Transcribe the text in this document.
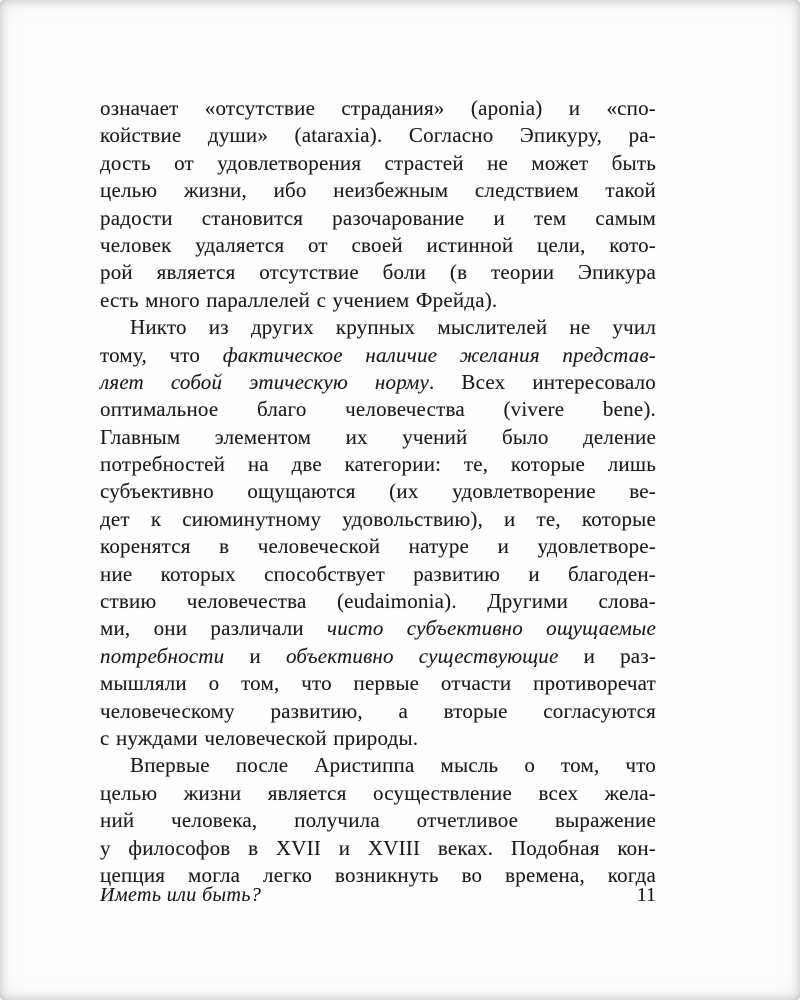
означает «отсутствие страдания» (aponia) и «спо-
койствие души» (ataraxia). Согласно Эпикуру, ра-
дость от удовлетворения страстей не может быть
целью жизни, ибо неизбежным следствием такой
радости становится разочарование и тем самым
человек удаляется от своей истинной цели, кото-
рой является отсутствие боли (в теории Эпикура
есть много параллелей с учением Фрейда).
Никто из других крупных мыслителей не учил
тому, что фактическое наличие желания представ-
ляет собой этическую норму. Всех интересовало
оптимальное благо человечества (vivere bene).
Главным элементом их учений было деление
потребностей на две категории: те, которые лишь
субъективно ощущаются (их удовлетворение ве-
дет к сиюминутному удовольствию), и те, которые
коренятся в человеческой натуре и удовлетворе-
ние которых способствует развитию и благоден-
ствию человечества (eudaimonia). Другими слова-
ми, они различали чисто субъективно ощущаемые
потребности и объективно существующие и раз-
мышляли о том, что первые отчасти противоречат
человеческому развитию, а вторые согласуются
с нуждами человеческой природы.
Впервые после Аристиппа мысль о том, что
целью жизни является осуществление всех жела-
ний человека, получила отчетливое выражение
у философов в XVII и XVIII веках. Подобная кон-
цепция могла легко возникнуть во времена, когда
Иметь или быть?	11
